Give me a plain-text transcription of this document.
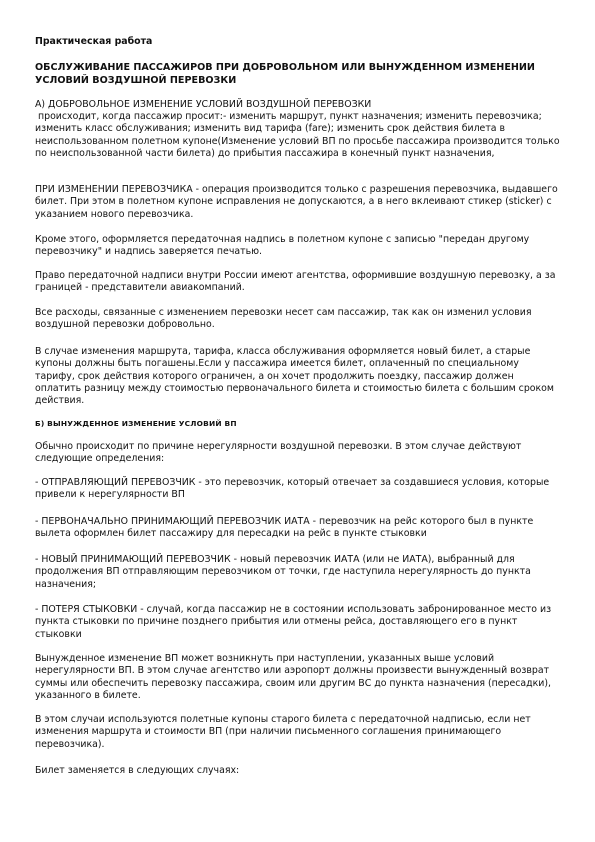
Практическая работа

ОБСЛУЖИВАНИЕ ПАССАЖИРОВ ПРИ ДОБРОВОЛЬНОМ ИЛИ ВЫНУЖДЕННОМ ИЗМЕНЕНИИ УСЛОВИЙ ВОЗДУШНОЙ ПЕРЕВОЗКИ

А) ДОБРОВОЛЬНОЕ ИЗМЕНЕНИЕ УСЛОВИЙ ВОЗДУШНОЙ ПЕРЕВОЗКИ

происходит, когда пассажир просит:- изменить маршрут, пункт назначения; изменить перевозчика; изменить класс обслуживания; изменить вид тарифа (fare); изменить срок действия билета в неиспользованном полетном купоне(Изменение условий ВП по просьбе пассажира производится только по неиспользованной части билета) до прибытия пассажира в конечный пункт назначения,

ПРИ ИЗМЕНЕНИИ ПЕРЕВОЗЧИКА - операция производится только с разрешения перевозчика, выдавшего билет. При этом в полетном купоне исправления не допускаются, а в него вклеивают стикер (sticker) с указанием нового перевозчика.

Кроме этого, оформляется передаточная надпись в полетном купоне с записью "передан другому перевозчику" и надпись заверяется печатью.

Право передаточной надписи внутри России имеют агентства, оформившие воздушную перевозку, а за границей - представители авиакомпаний.

Все расходы, связанные с изменением перевозки несет сам пассажир, так как он изменил условия воздушной перевозки добровольно.

В случае изменения маршрута, тарифа, класса обслуживания оформляется новый билет, а старые купоны должны быть погашены.Если у пассажира имеется билет, оплаченный по специальному тарифу, срок действия которого ограничен, а он хочет продолжить поездку, пассажир должен оплатить разницу между стоимостью первоначального билета и стоимостью билета с большим сроком действия.

Б) ВЫНУЖДЕННОЕ ИЗМЕНЕНИЕ УСЛОВИЙ ВП

Обычно происходит по причине нерегулярности воздушной перевозки. В этом случае действуют следующие определения:

- ОТПРАВЛЯЮЩИЙ ПЕРЕВОЗЧИК - это перевозчик, который отвечает за создавшиеся условия, которые привели к нерегулярности ВП

- ПЕРВОНАЧАЛЬНО ПРИНИМАЮЩИЙ ПЕРЕВОЗЧИК ИАТА - перевозчик на рейс которого был в пункте вылета оформлен билет пассажиру для пересадки на рейс в пункте стыковки

- НОВЫЙ ПРИНИМАЮЩИЙ ПЕРЕВОЗЧИК - новый перевозчик ИАТА (или не ИАТА), выбранный для продолжения ВП отправляющим перевозчиком от точки, где наступила нерегулярность до пункта назначения;

- ПОТЕРЯ СТЫКОВКИ - случай, когда пассажир не в состоянии использовать забронированное место из пункта стыковки по причине позднего прибытия или отмены рейса, доставляющего его в пункт стыковки

Вынужденное изменение ВП может возникнуть при наступлении, указанных выше условий нерегулярности ВП. В этом случае агентство или аэропорт должны произвести вынужденный возврат суммы или обеспечить перевозку пассажира, своим или другим ВС до пункта назначения (пересадки), указанного в билете.

В этом случаи используются полетные купоны старого билета с передаточной надписью, если нет изменения маршрута и стоимости ВП (при наличии письменного соглашения принимающего перевозчика).

Билет заменяется в следующих случаях:
